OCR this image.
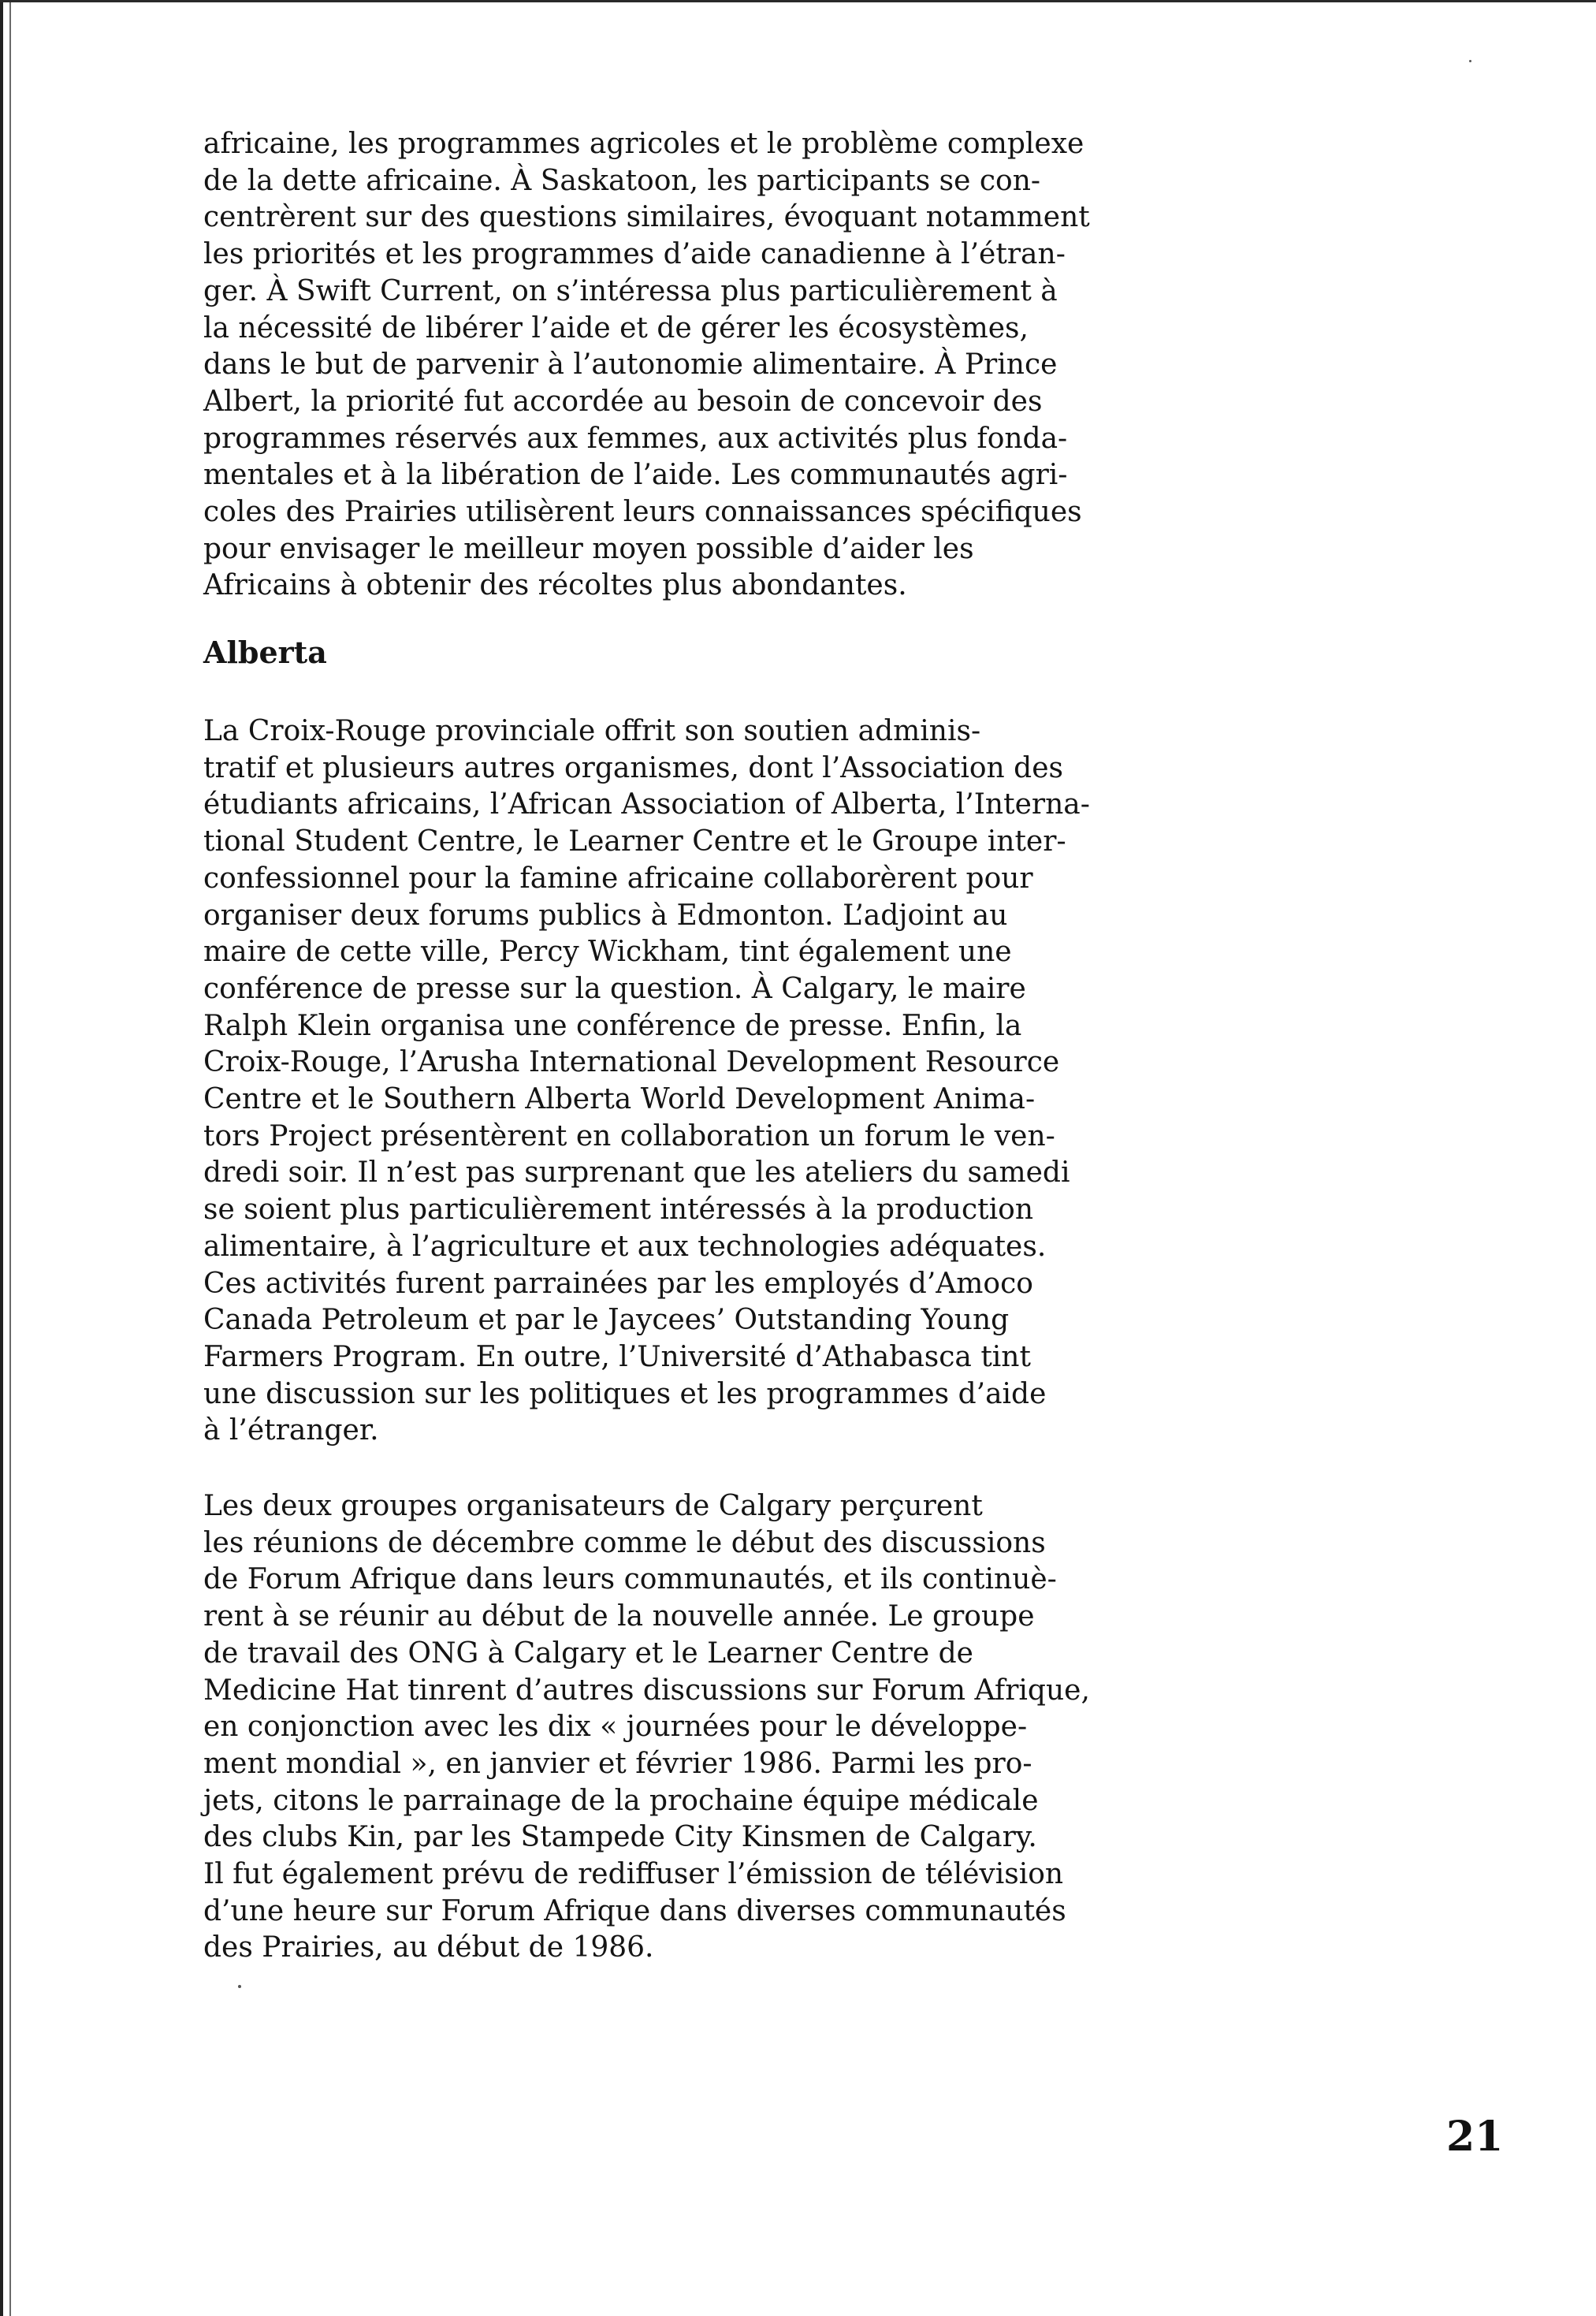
africaine, les programmes agricoles et le problème complexe
de la dette africaine. À Saskatoon, les participants se con-
centrèrent sur des questions similaires, évoquant notamment
les priorités et les programmes d’aide canadienne à l’étran-
ger. À Swift Current, on s’intéressa plus particulièrement à
la nécessité de libérer l’aide et de gérer les écosystèmes,
dans le but de parvenir à l’autonomie alimentaire. À Prince
Albert, la priorité fut accordée au besoin de concevoir des
programmes réservés aux femmes, aux activités plus fonda-
mentales et à la libération de l’aide. Les communautés agri-
coles des Prairies utilisèrent leurs connaissances spécifiques
pour envisager le meilleur moyen possible d’aider les
Africains à obtenir des récoltes plus abondantes.

Alberta

La Croix-Rouge provinciale offrit son soutien adminis-
tratif et plusieurs autres organismes, dont l’Association des
étudiants africains, l’African Association of Alberta, l’Interna-
tional Student Centre, le Learner Centre et le Groupe inter-
confessionnel pour la famine africaine collaborèrent pour
organiser deux forums publics à Edmonton. L’adjoint au
maire de cette ville, Percy Wickham, tint également une
conférence de presse sur la question. À Calgary, le maire
Ralph Klein organisa une conférence de presse. Enfin, la
Croix-Rouge, l’Arusha International Development Resource
Centre et le Southern Alberta World Development Anima-
tors Project présentèrent en collaboration un forum le ven-
dredi soir. Il n’est pas surprenant que les ateliers du samedi
se soient plus particulièrement intéressés à la production
alimentaire, à l’agriculture et aux technologies adéquates.
Ces activités furent parrainées par les employés d’Amoco
Canada Petroleum et par le Jaycees’ Outstanding Young
Farmers Program. En outre, l’Université d’Athabasca tint
une discussion sur les politiques et les programmes d’aide
à l’étranger.

Les deux groupes organisateurs de Calgary perçurent
les réunions de décembre comme le début des discussions
de Forum Afrique dans leurs communautés, et ils continuè-
rent à se réunir au début de la nouvelle année. Le groupe
de travail des ONG à Calgary et le Learner Centre de
Medicine Hat tinrent d’autres discussions sur Forum Afrique,
en conjonction avec les dix « journées pour le développe-
ment mondial », en janvier et février 1986. Parmi les pro-
jets, citons le parrainage de la prochaine équipe médicale
des clubs Kin, par les Stampede City Kinsmen de Calgary.
Il fut également prévu de rediffuser l’émission de télévision
d’une heure sur Forum Afrique dans diverses communautés
des Prairies, au début de 1986.

21
